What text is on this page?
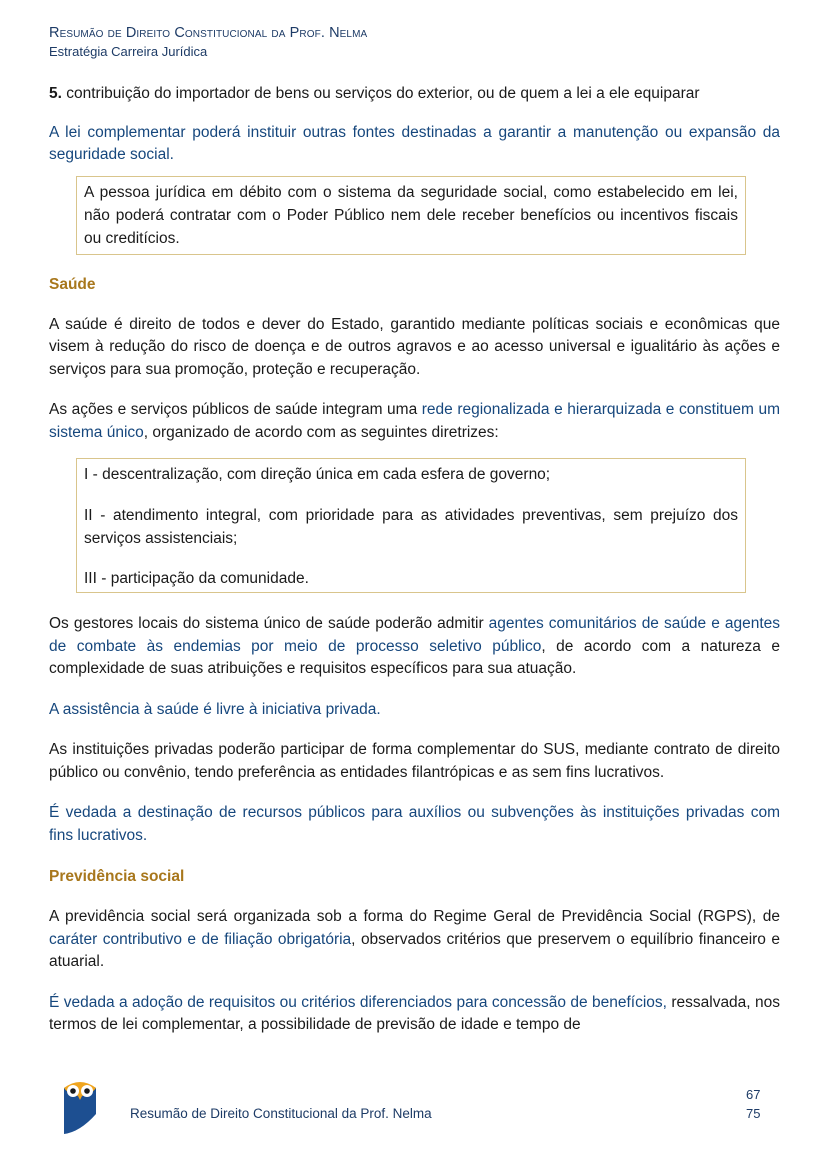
Resumão de Direito Constitucional da Prof. Nelma
Estratégia Carreira Jurídica

5. contribuição do importador de bens ou serviços do exterior, ou de quem a lei a ele equiparar

A lei complementar poderá instituir outras fontes destinadas a garantir a manutenção ou expansão da seguridade social.

A pessoa jurídica em débito com o sistema da seguridade social, como estabelecido em lei, não poderá contratar com o Poder Público nem dele receber benefícios ou incentivos fiscais ou creditícios.

Saúde

A saúde é direito de todos e dever do Estado, garantido mediante políticas sociais e econômicas que visem à redução do risco de doença e de outros agravos e ao acesso universal e igualitário às ações e serviços para sua promoção, proteção e recuperação.

As ações e serviços públicos de saúde integram uma rede regionalizada e hierarquizada e constituem um sistema único, organizado de acordo com as seguintes diretrizes:

I - descentralização, com direção única em cada esfera de governo;

II - atendimento integral, com prioridade para as atividades preventivas, sem prejuízo dos serviços assistenciais;

III - participação da comunidade.

Os gestores locais do sistema único de saúde poderão admitir agentes comunitários de saúde e agentes de combate às endemias por meio de processo seletivo público, de acordo com a natureza e complexidade de suas atribuições e requisitos específicos para sua atuação.

A assistência à saúde é livre à iniciativa privada.

As instituições privadas poderão participar de forma complementar do SUS, mediante contrato de direito público ou convênio, tendo preferência as entidades filantrópicas e as sem fins lucrativos.

É vedada a destinação de recursos públicos para auxílios ou subvenções às instituições privadas com fins lucrativos.

Previdência social

A previdência social será organizada sob a forma do Regime Geral de Previdência Social (RGPS), de caráter contributivo e de filiação obrigatória, observados critérios que preservem o equilíbrio financeiro e atuarial.

É vedada a adoção de requisitos ou critérios diferenciados para concessão de benefícios, ressalvada, nos termos de lei complementar, a possibilidade de previsão de idade e tempo de

Resumão de Direito Constitucional da Prof. Nelma
67
75
